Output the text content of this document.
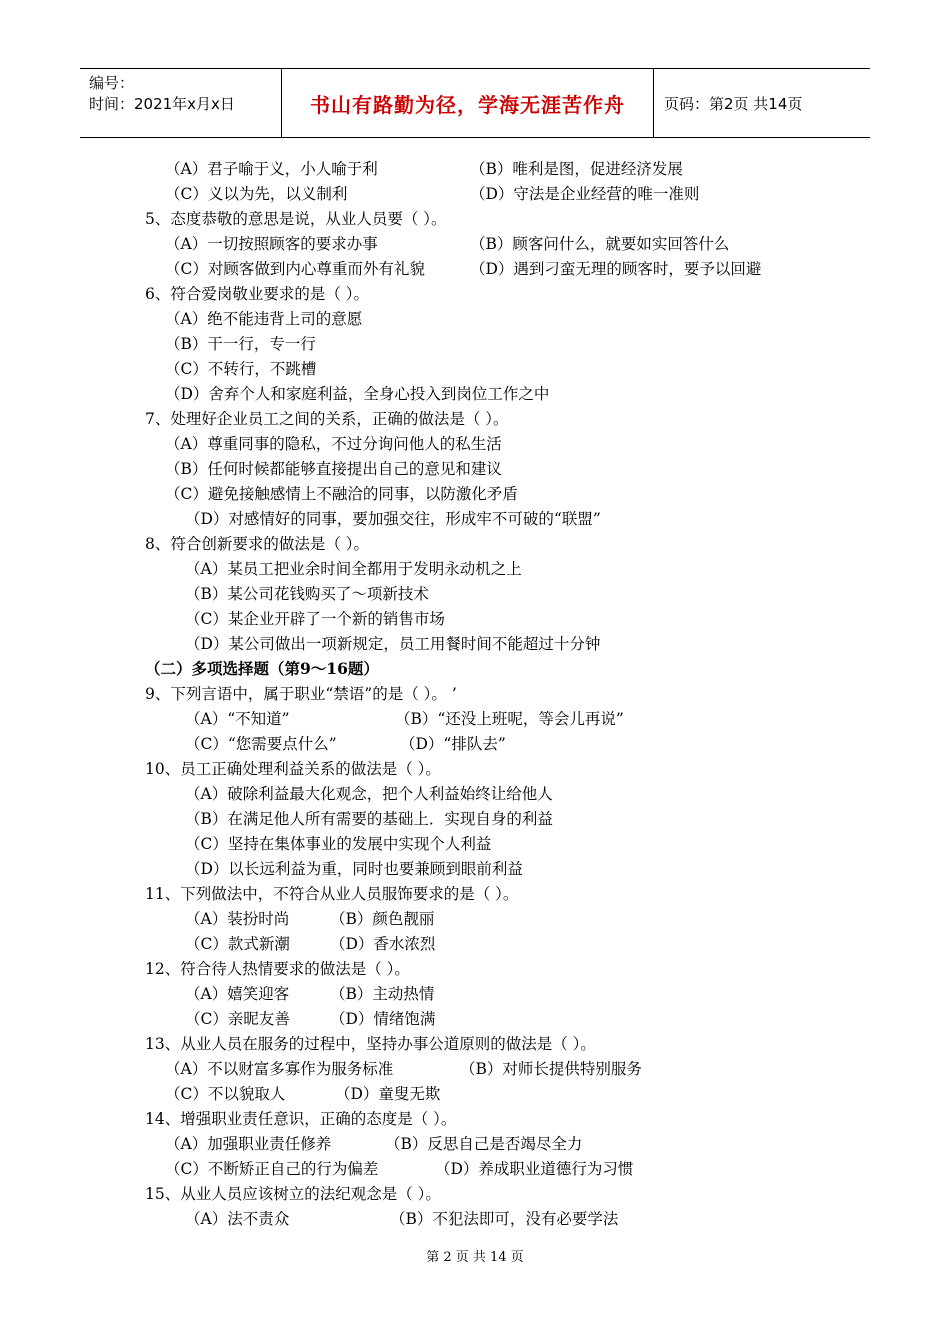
编号：
时间：2021年x月x日	书山有路勤为径，学海无涯苦作舟	页码：第2页 共14页
（A）君子喻于义，小人喻于利	（B）唯利是图，促进经济发展
（C）义以为先，以义制利	（D）守法是企业经营的唯一准则
5、态度恭敬的意思是说，从业人员要（ ）。
（A）一切按照顾客的要求办事	（B）顾客问什么，就要如实回答什么
（C）对顾客做到内心尊重而外有礼貌	（D）遇到刁蛮无理的顾客时，要予以回避
6、符合爱岗敬业要求的是（ ）。
（A）绝不能违背上司的意愿
（B）干一行，专一行
（C）不转行，不跳槽
（D）舍弃个人和家庭利益，全身心投入到岗位工作之中
7、处理好企业员工之间的关系，正确的做法是（ ）。
（A）尊重同事的隐私，不过分询问他人的私生活
（B）任何时候都能够直接提出自己的意见和建议
（C）避免接触感情上不融洽的同事，以防激化矛盾
（D）对感情好的同事，要加强交往，形成牢不可破的“联盟”
8、符合创新要求的做法是（ ）。
（A）某员工把业余时间全都用于发明永动机之上
（B）某公司花钱购买了～项新技术
（C）某企业开辟了一个新的销售市场
（D）某公司做出一项新规定，员工用餐时间不能超过十分钟
（二）多项选择题（第9～16题）
9、下列言语中，属于职业“禁语”的是（ ）。 ’
（A）“不知道”	（B）“还没上班呢，等会儿再说”
（C）“您需要点什么”	（D）“排队去”
10、员工正确处理利益关系的做法是（ ）。
（A）破除利益最大化观念，把个人利益始终让给他人
（B）在满足他人所有需要的基础上．实现自身的利益
（C）坚持在集体事业的发展中实现个人利益
（D）以长远利益为重，同时也要兼顾到眼前利益
11、下列做法中，不符合从业人员服饰要求的是（ ）。
（A）装扮时尚	（B）颜色靓丽
（C）款式新潮	（D）香水浓烈
12、符合待人热情要求的做法是（ ）。
（A）嬉笑迎客	（B）主动热情
（C）亲昵友善	（D）情绪饱满
13、从业人员在服务的过程中，坚持办事公道原则的做法是（ ）。
（A）不以财富多寡作为服务标准	（B）对师长提供特别服务
（C）不以貌取人	（D）童叟无欺
14、增强职业责任意识，正确的态度是（ ）。
（A）加强职业责任修养	（B）反思自己是否竭尽全力
（C）不断矫正自己的行为偏差	（D）养成职业道德行为习惯
15、从业人员应该树立的法纪观念是（ ）。
（A）法不责众	（B）不犯法即可，没有必要学法
第 2 页 共 14 页
